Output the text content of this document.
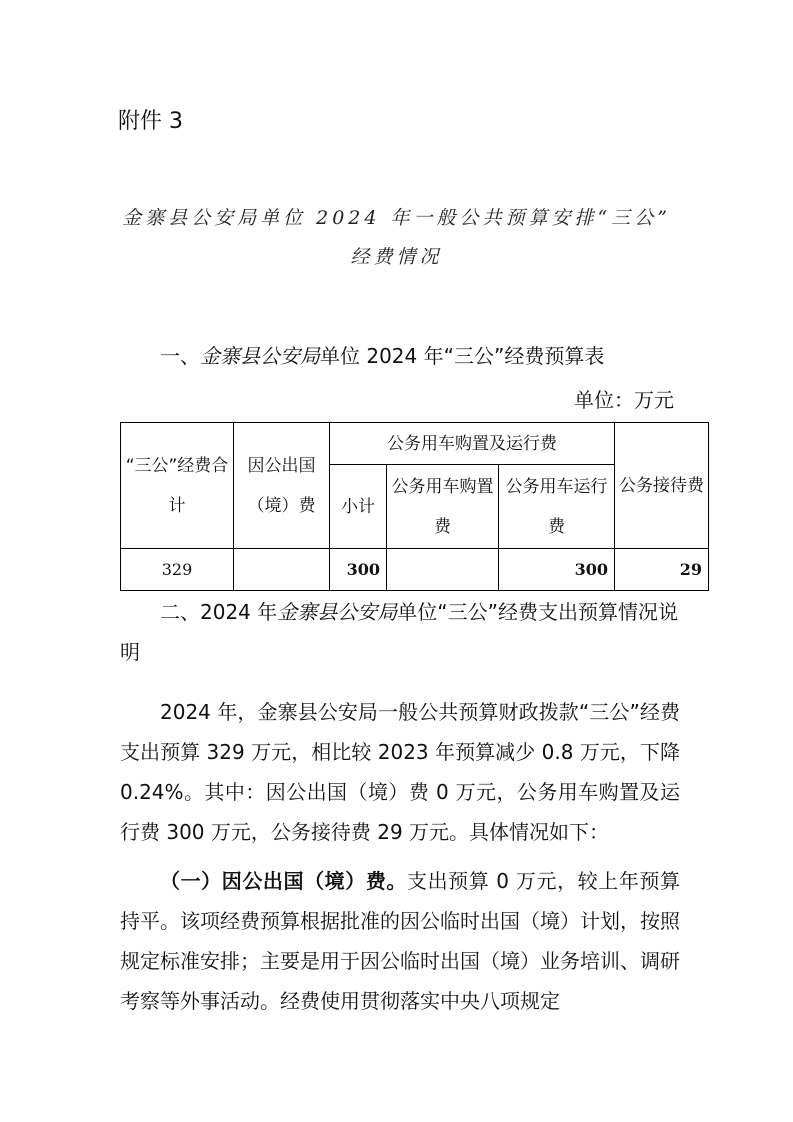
附件 3
金寨县公安局单位 2024 年一般公共预算安排“三公”
经费情况
一、金寨县公安局单位 2024 年“三公”经费预算表
单位：万元
“三公”经费合计	因公出国（境）费	公务用车购置及运行费			公务接待费
		小计	公务用车购置费	公务用车运行费	
329		300		300	29
二、2024 年金寨县公安局单位“三公”经费支出预算情况说明
2024 年，金寨县公安局一般公共预算财政拨款“三公”经费支出预算 329 万元，相比较 2023 年预算减少 0.8 万元，下降 0.24%。其中：因公出国（境）费 0 万元，公务用车购置及运行费 300 万元，公务接待费 29 万元。具体情况如下：
（一）因公出国（境）费。支出预算 0 万元，较上年预算持平。该项经费预算根据批准的因公临时出国（境）计划，按照规定标准安排；主要是用于因公临时出国（境）业务培训、调研考察等外事活动。经费使用贯彻落实中央八项规定
